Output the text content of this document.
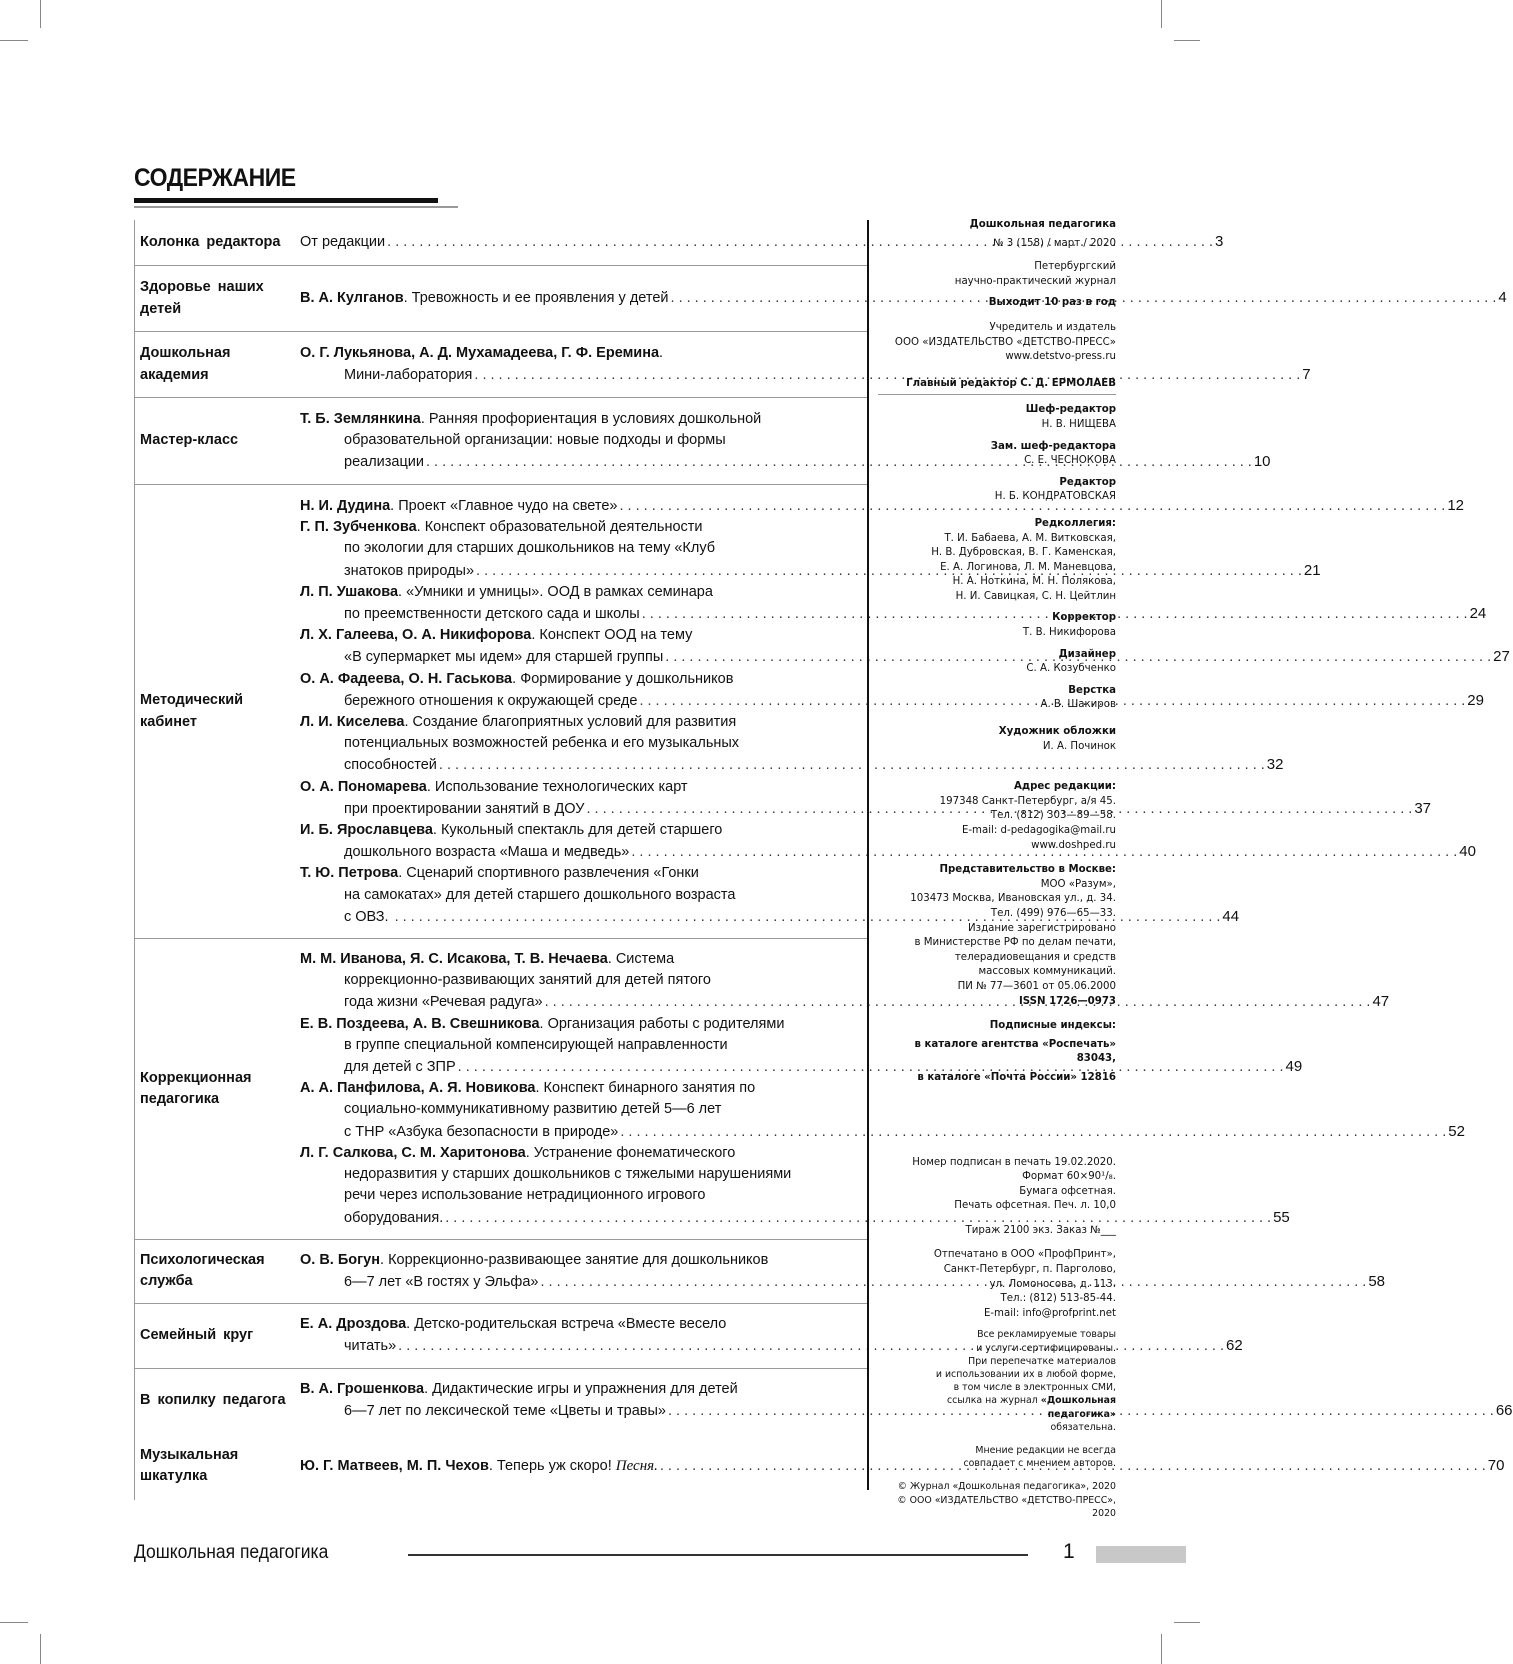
СОДЕРЖАНИЕ
Колонка редактора	От редакции . . .	3
Здоровье наших детей
В. А. Кулганов. Тревожность и ее проявления у детей . . .	4
Дошкольная академия
О. Г. Лукьянова, А. Д. Мухамадеева, Г. Ф. Еремина.
Мини-лаборатория . . .	7
Мастер-класс
Т. Б. Землянкина. Ранняя профориентация в условиях дошкольной
образовательной организации: новые подходы и формы
реализации . . .	10
Методический кабинет
Н. И. Дудина. Проект «Главное чудо на свете» . . .	12
Г. П. Зубченкова. Конспект образовательной деятельности
по экологии для старших дошкольников на тему «Клуб
знатоков природы» . . .	21
Л. П. Ушакова. «Умники и умницы». ООД в рамках семинара
по преемственности детского сада и школы . . .	24
Л. Х. Галеева, О. А. Никифорова. Конспект ООД на тему
«В супермаркет мы идем» для старшей группы . . .	27
О. А. Фадеева, О. Н. Гаськова. Формирование у дошкольников
бережного отношения к окружающей среде . . .	29
Л. И. Киселева. Создание благоприятных условий для развития
потенциальных возможностей ребенка и его музыкальных
способностей . . .	32
О. А. Пономарева. Использование технологических карт
при проектировании занятий в ДОУ . . .	37
И. Б. Ярославцева. Кукольный спектакль для детей старшего
дошкольного возраста «Маша и медведь» . . .	40
Т. Ю. Петрова. Сценарий спортивного развлечения «Гонки
на самокатах» для детей старшего дошкольного возраста
с ОВЗ. . . .	44
Коррекционная педагогика
М. М. Иванова, Я. С. Исакова, Т. В. Нечаева. Система
коррекционно-развивающих занятий для детей пятого
года жизни «Речевая радуга» . . .	47
Е. В. Поздеева, А. В. Свешникова. Организация работы с родителями
в группе специальной компенсирующей направленности
для детей с ЗПР . . .	49
А. А. Панфилова, А. Я. Новикова. Конспект бинарного занятия по
социально-коммуникативному развитию детей 5—6 лет
с ТНР «Азбука безопасности в природе» . . .	52
Л. Г. Салкова, С. М. Харитонова. Устранение фонематического
недоразвития у старших дошкольников с тяжелыми нарушениями
речи через использование нетрадиционного игрового
оборудования. . . .	55
Психологическая служба
О. В. Богун. Коррекционно-развивающее занятие для дошкольников
6—7 лет «В гостях у Эльфа» . . .	58
Семейный круг
Е. А. Дроздова. Детско-родительская встреча «Вместе весело
читать» . . .	62
В копилку педагога
В. А. Грошенкова. Дидактические игры и упражнения для детей
6—7 лет по лексической теме «Цветы и травы» . . .	66
Музыкальная шкатулка
Ю. Г. Матвеев, М. П. Чехов. Теперь уж скоро! Песня. . . .	70
Дошкольная педагогика
№ 3 (158) / март / 2020
Петербургский
научно-практический журнал
Выходит 10 раз в год
Учредитель и издатель
ООО «ИЗДАТЕЛЬСТВО «ДЕТСТВО-ПРЕСС»
www.detstvo-press.ru
Главный редактор С. Д. ЕРМОЛАЕВ
Шеф-редактор
Н. В. НИЩЕВА
Зам. шеф-редактора
С. Е. ЧЕСНОКОВА
Редактор
Н. Б. КОНДРАТОВСКАЯ
Редколлегия:
Т. И. Бабаева, А. М. Витковская,
Н. В. Дубровская, В. Г. Каменская,
Е. А. Логинова, Л. М. Маневцова,
Н. А. Ноткина, М. Н. Полякова,
Н. И. Савицкая, С. Н. Цейтлин
Корректор
Т. В. Никифорова
Дизайнер
С. А. Козубченко
Верстка
А. В. Шакиров
Художник обложки
И. А. Починок
Адрес редакции:
197348 Санкт-Петербург, а/я 45.
Тел. (812) 303—89—58.
E-mail: d-pedagogika@mail.ru
www.doshped.ru
Представительство в Москве:
МОО «Разум»,
103473 Москва, Ивановская ул., д. 34.
Тел. (499) 976—65—33.
Издание зарегистрировано
в Министерстве РФ по делам печати,
телерадиовещания и средств
массовых коммуникаций.
ПИ № 77—3601 от 05.06.2000
ISSN 1726—0973
Подписные индексы:
в каталоге агентства «Роспечать» 83043,
в каталоге «Почта России» 12816
Номер подписан в печать 19.02.2020.
Формат 60×90¹/₈.
Бумага офсетная.
Печать офсетная. Печ. л. 10,0
Тираж 2100 экз. Заказ №___
Отпечатано в ООО «ПрофПринт»,
Санкт-Петербург, п. Парголово,
ул. Ломоносова, д. 113.
Тел.: (812) 513-85-44.
E-mail: info@profprint.net
Все рекламируемые товары
и услуги сертифицированы.
При перепечатке материалов
и использовании их в любой форме,
в том числе в электронных СМИ,
ссылка на журнал «Дошкольная педагогика»
обязательна.
Мнение редакции не всегда
совпадает с мнением авторов.
© Журнал «Дошкольная педагогика», 2020
© ООО «ИЗДАТЕЛЬСТВО «ДЕТСТВО-ПРЕСС», 2020
Дошкольная педагогика	1
